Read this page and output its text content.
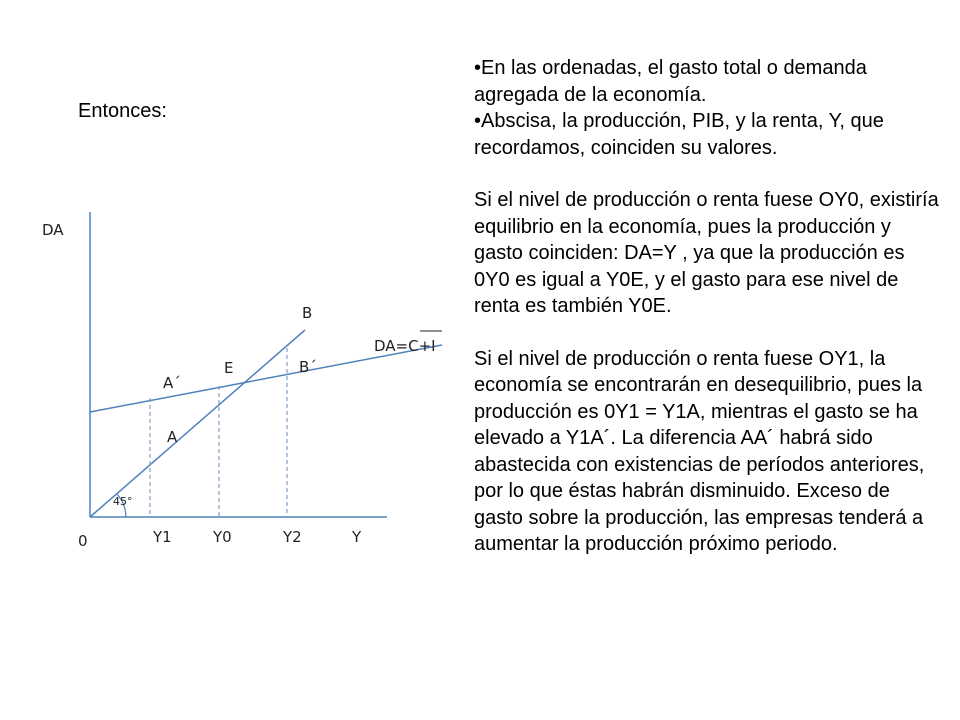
Entonces:

• En las ordenadas, el gasto total o demanda agregada de la economía.

• Abscisa, la producción, PIB, y la renta, Y, que recordamos, coinciden su valores.

Si el nivel de producción o renta fuese OY0, existiría equilibrio en la economía, pues la producción y gasto coinciden: DA=Y , ya que la producción es 0Y0 es igual a Y0E, y el gasto para ese nivel de renta es también Y0E.

Si el nivel de producción o renta fuese OY1, la economía se encontrarán en desequilibrio, pues la producción es 0Y1 = Y1A, mientras el gasto se ha elevado a Y1A´. La diferencia AA´ habrá sido abastecida con existencias de períodos anteriores, por lo que éstas habrán disminuido. Exceso de gasto sobre la producción, las empresas tenderá a aumentar la producción próximo periodo.

DA
0	Y1	Y0	Y2	Y
45°
DA=C+I
A
A´
E
B
B´
